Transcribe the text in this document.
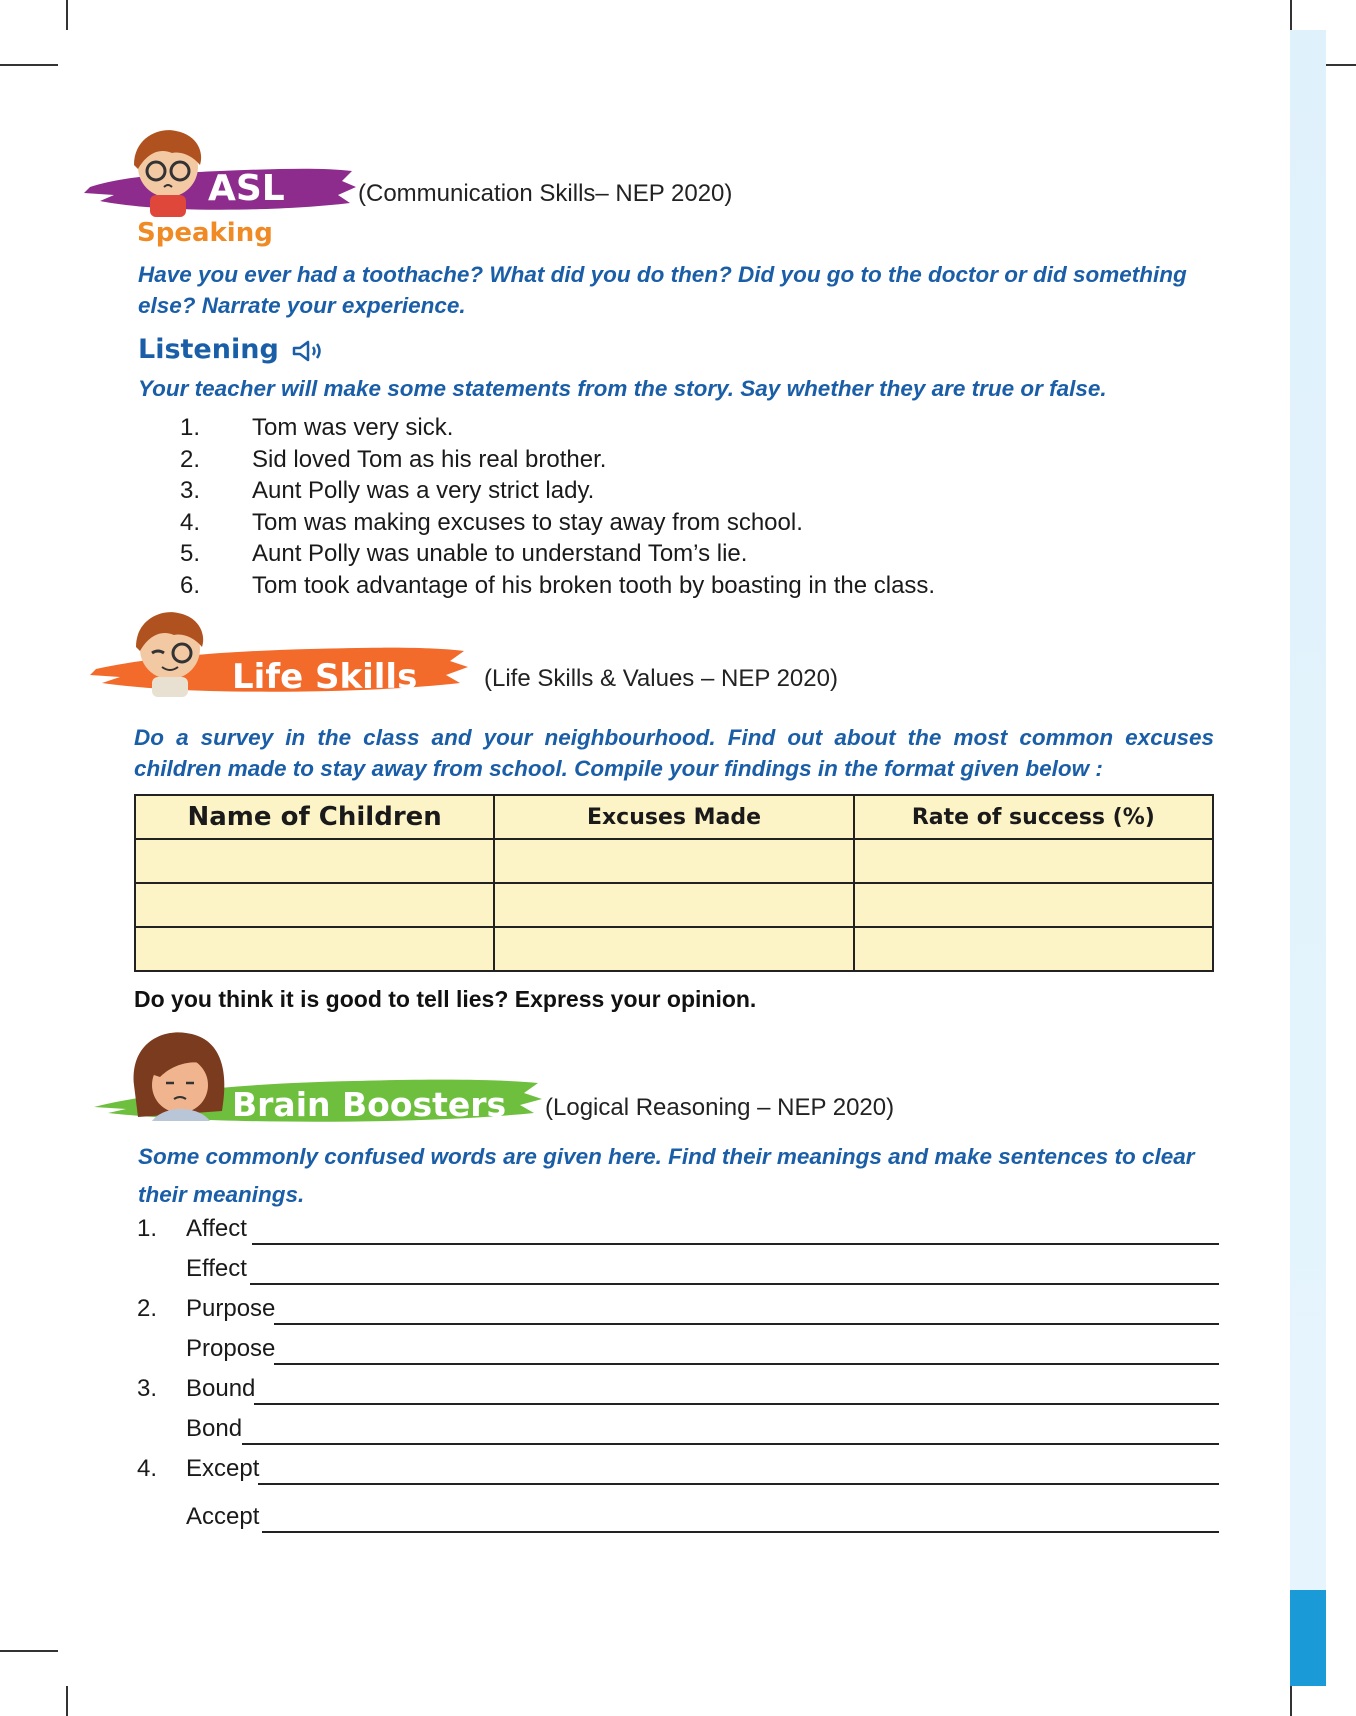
ASL	(Communication Skills– NEP 2020)
Speaking
Have you ever had a toothache? What did you do then? Did you go to the doctor or did something else? Narrate your experience.
Listening
Your teacher will make some statements from the story. Say whether they are true or false.
1.	Tom was very sick.
2.	Sid loved Tom as his real brother.
3.	Aunt Polly was a very strict lady.
4.	Tom was making excuses to stay away from school.
5.	Aunt Polly was unable to understand Tom’s lie.
6.	Tom took advantage of his broken tooth by boasting in the class.
Life Skills	(Life Skills & Values – NEP 2020)
Do a survey in the class and your neighbourhood. Find out about the most common excuses children made to stay away from school. Compile your findings in the format given below :
Name of Children	Excuses Made	Rate of success (%)

Do you think it is good to tell lies? Express your opinion.
Brain Boosters (Logical Reasoning – NEP 2020)
Some commonly confused words are given here. Find their meanings and make sentences to clear their meanings.
1. Affect
Effect
2. Purpose
Propose
3. Bound
Bond
4. Except
Accept
